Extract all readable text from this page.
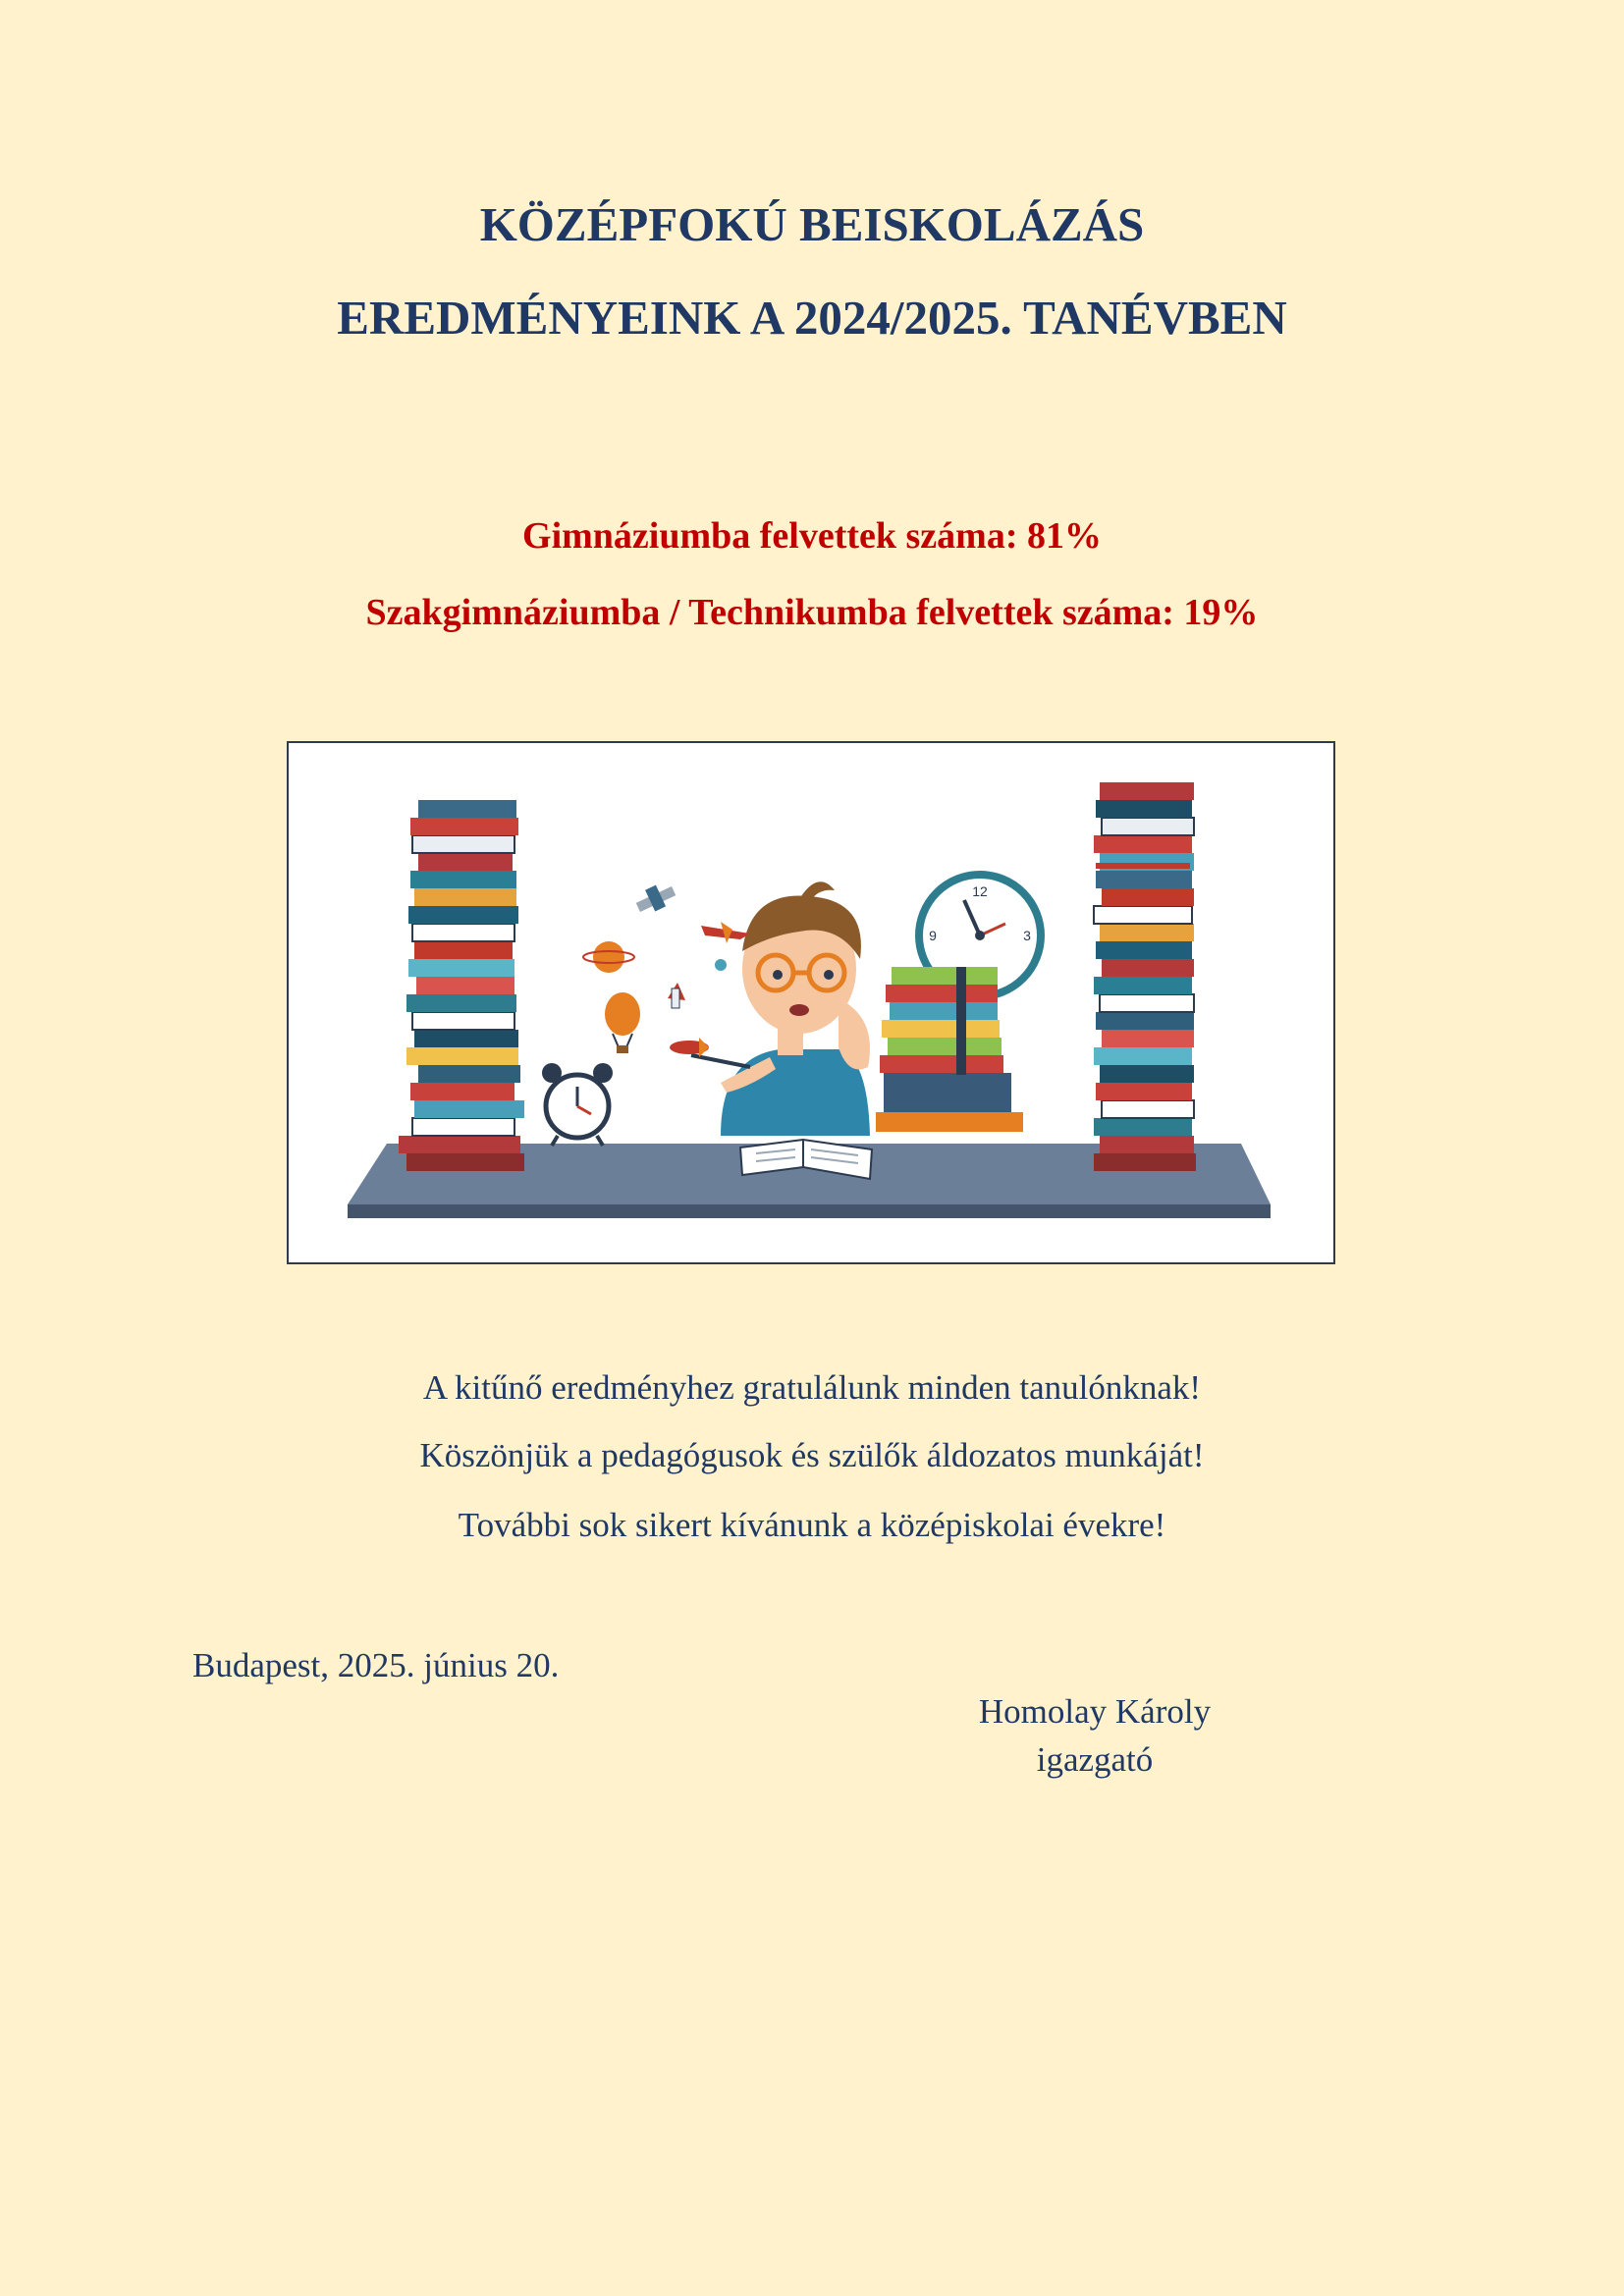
KÖZÉPFOKÚ BEISKOLÁZÁS
EREDMÉNYEINK A 2024/2025. TANÉVBEN

Gimnáziumba felvettek száma: 81%

Szakgimnáziumba / Technikumba felvettek száma: 19%

12
3
9

A kitűnő eredményhez gratulálunk minden tanulónknak!

Köszönjük a pedagógusok és szülők áldozatos munkáját!

További sok sikert kívánunk a középiskolai évekre!

Budapest, 2025. június 20.

Homolay Károly

igazgató
